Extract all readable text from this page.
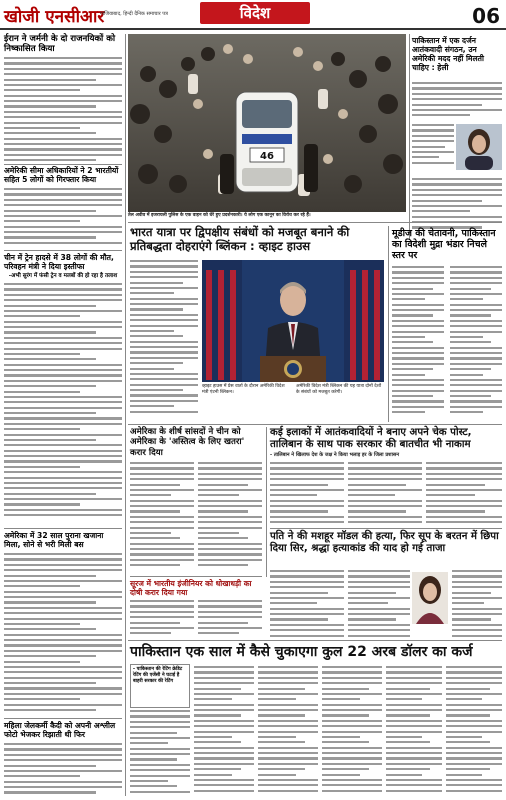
खोजी एनसीआर
गाजियाबाद, हिन्दी दैनिक समाचार पत्र	विदेश	06
ईरान ने जर्मनी के दो राजनयिकों को निष्कासित किया
अमेरिकी सीमा अधिकारियों ने 2 भारतीयों सहित 5 लोगों को गिरफ्तार किया
चीन में ट्रेन हादसे में 38 लोगों की मौत, परिवहन मंत्री ने दिया इस्तीफा
-अभी सुरंग में फंसी ट्रेन व मलबों की हो रहा है तलाश
अमेरिका में 32 साल पुराना खजाना मिला, सोने से भरी मिली बस
महिला जेलकर्मी कैदी को अपनी अश्लील फोटो भेजकर रिझाती थी फिर
46
तेल अवीव में इजरायली पुलिस के एक वाहन को घेरे हुए प्रदर्शनकारी। ये लोग एक कानून का विरोध कर रहे हैं।
पाकिस्तान में एक दर्जन आतंकवादी संगठन, उन अमेरिकी मदद नहीं मिलती चाहिए : हेली
भारत यात्रा पर द्विपक्षीय संबंधों को मजबूत बनाने की प्रतिबद्धता दोहराएंगे ब्लिंकन : व्हाइट हाउस
व्हाइट हाउस में प्रेस वार्ता के दौरान अमेरिकी विदेश मंत्री एंटनी ब्लिंकन।
अमेरिकी विदेश मंत्री ब्लिंकन की यह यात्रा दोनों देशों के संबंधों को मजबूत करेगी।
मूडीज की चेतावनी, पाकिस्तान का विदेशी मुद्रा भंडार निचले स्तर पर
अमेरिका के शीर्ष सांसदों ने चीन को अमेरिका के 'अस्तित्व के लिए खतरा' करार दिया
कई इलाकों में आतंकवादियों ने बनाए अपने चेक पोस्ट, तालिबान के साथ पाक सरकार की बातचीत भी नाकाम
- तालिबान ने खिलाफ देश के जक्ष ने किया भलाइ हर के जिला प्रशासन
पति ने की मशहूर मॉडल की हत्या, फिर सूप के बरतन में छिपा दिया सिर, श्रद्धा हत्याकांड की याद हो गई ताजा
सूरज में भारतीय इंजीनियर को धोखाधड़ी का दोषी करार दिया गया
पाकिस्तान एक साल में कैसे चुकाएगा कुल 22 अरब डॉलर का कर्ज
- पाकिस्तान की रेटिंग क्रेडिट रेटिंग की एजेंसी ने घटाई है बाहरी सरकार की रेटिंग
